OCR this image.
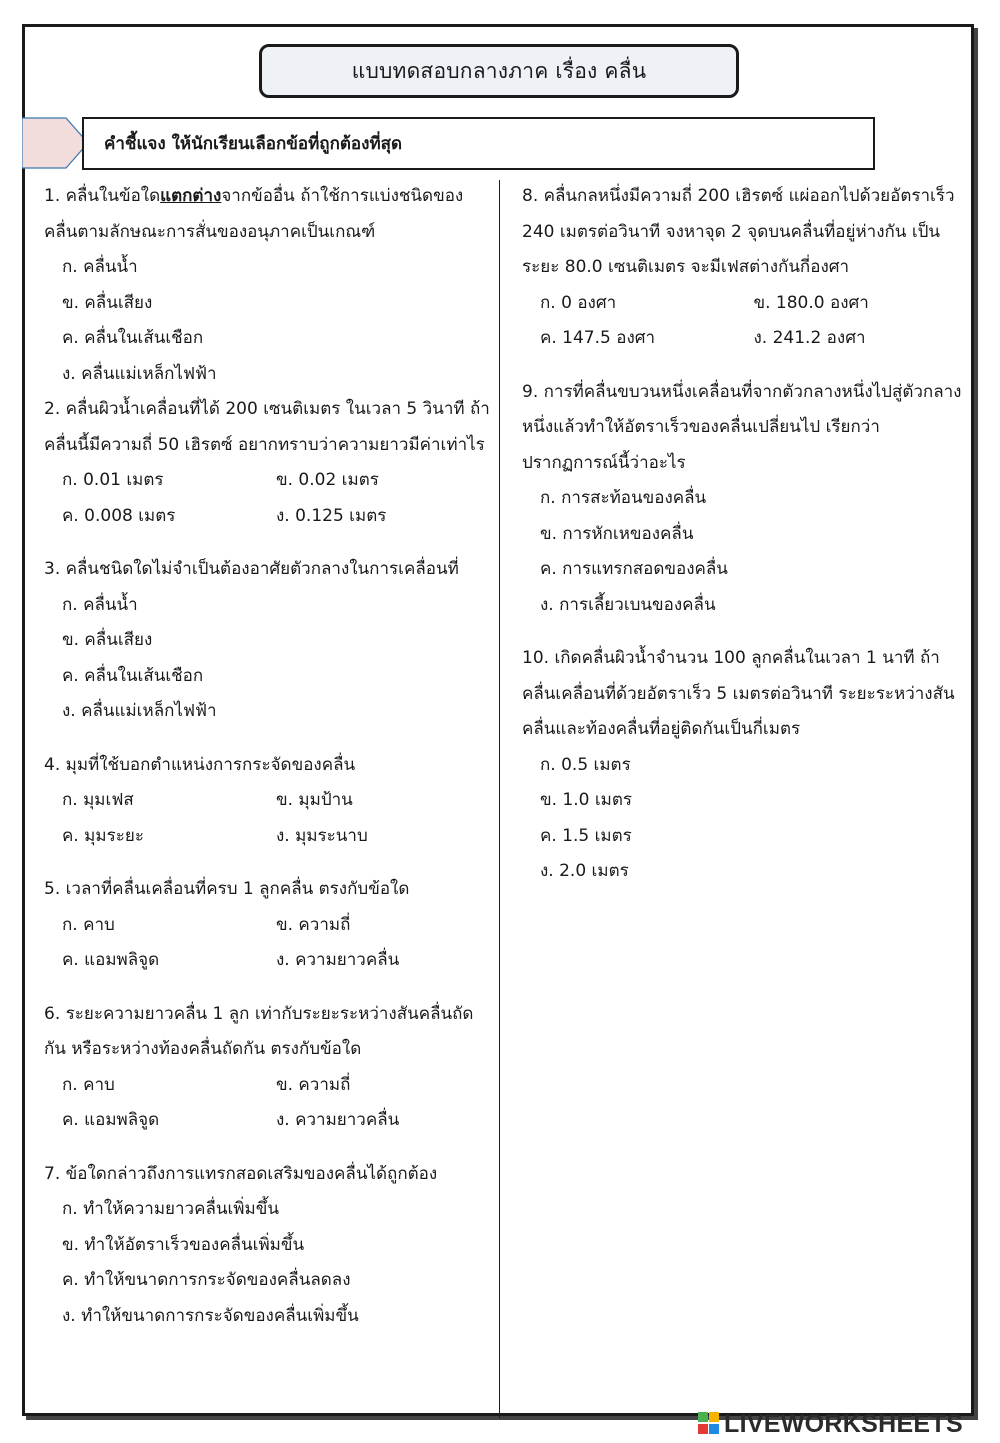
แบบทดสอบกลางภาค เรื่อง คลื่น
คำชี้แจง ให้นักเรียนเลือกข้อที่ถูกต้องที่สุด

1. คลื่นในข้อใดแตกต่างจากข้ออื่น ถ้าใช้การแบ่งชนิดของคลื่นตามลักษณะการสั่นของอนุภาคเป็นเกณฑ์

ก. คลื่นน้ำ

ข. คลื่นเสียง

ค. คลื่นในเส้นเชือก

ง. คลื่นแม่เหล็กไฟฟ้า

2. คลื่นผิวน้ำเคลื่อนที่ได้ 200 เซนติเมตร ในเวลา 5 วินาที ถ้าคลื่นนี้มีความถี่ 50 เฮิรตซ์ อยากทราบว่าความยาวมีค่าเท่าไร

ก. 0.01 เมตร	ข. 0.02 เมตร

ค. 0.008 เมตร	ง. 0.125 เมตร

3. คลื่นชนิดใดไม่จำเป็นต้องอาศัยตัวกลางในการเคลื่อนที่

ก. คลื่นน้ำ

ข. คลื่นเสียง

ค. คลื่นในเส้นเชือก

ง. คลื่นแม่เหล็กไฟฟ้า

4. มุมที่ใช้บอกตำแหน่งการกระจัดของคลื่น

ก. มุมเฟส	ข. มุมป้าน

ค. มุมระยะ	ง. มุมระนาบ

5. เวลาที่คลื่นเคลื่อนที่ครบ 1 ลูกคลื่น ตรงกับข้อใด

ก. คาบ	ข. ความถี่

ค. แอมพลิจูด	ง. ความยาวคลื่น

6. ระยะความยาวคลื่น 1 ลูก เท่ากับระยะระหว่างสันคลื่นถัดกัน หรือระหว่างท้องคลื่นถัดกัน ตรงกับข้อใด

ก. คาบ	ข. ความถี่

ค. แอมพลิจูด	ง. ความยาวคลื่น

7. ข้อใดกล่าวถึงการแทรกสอดเสริมของคลื่นได้ถูกต้อง

ก. ทำให้ความยาวคลื่นเพิ่มขึ้น

ข. ทำให้อัตราเร็วของคลื่นเพิ่มขึ้น

ค. ทำให้ขนาดการกระจัดของคลื่นลดลง

ง. ทำให้ขนาดการกระจัดของคลื่นเพิ่มขึ้น

8. คลื่นกลหนึ่งมีความถี่ 200 เฮิรตซ์ แผ่ออกไปด้วยอัตราเร็ว 240 เมตรต่อวินาที จงหาจุด 2 จุดบนคลื่นที่อยู่ห่างกัน เป็นระยะ 80.0 เซนติเมตร จะมีเฟสต่างกันกี่องศา

ก. 0 องศา	ข. 180.0 องศา

ค. 147.5 องศา	ง. 241.2 องศา

9. การที่คลื่นขบวนหนึ่งเคลื่อนที่จากตัวกลางหนึ่งไปสู่ตัวกลางหนึ่งแล้วทำให้อัตราเร็วของคลื่นเปลี่ยนไป เรียกว่า ปรากฏการณ์นี้ว่าอะไร

ก. การสะท้อนของคลื่น

ข. การหักเหของคลื่น

ค. การแทรกสอดของคลื่น

ง. การเลี้ยวเบนของคลื่น

10. เกิดคลื่นผิวน้ำจำนวน 100 ลูกคลื่นในเวลา 1 นาที ถ้าคลื่นเคลื่อนที่ด้วยอัตราเร็ว 5 เมตรต่อวินาที ระยะระหว่างสันคลื่นและท้องคลื่นที่อยู่ติดกันเป็นกี่เมตร

ก. 0.5 เมตร

ข. 1.0 เมตร

ค. 1.5 เมตร

ง. 2.0 เมตร

LIVEWORKSHEETS
